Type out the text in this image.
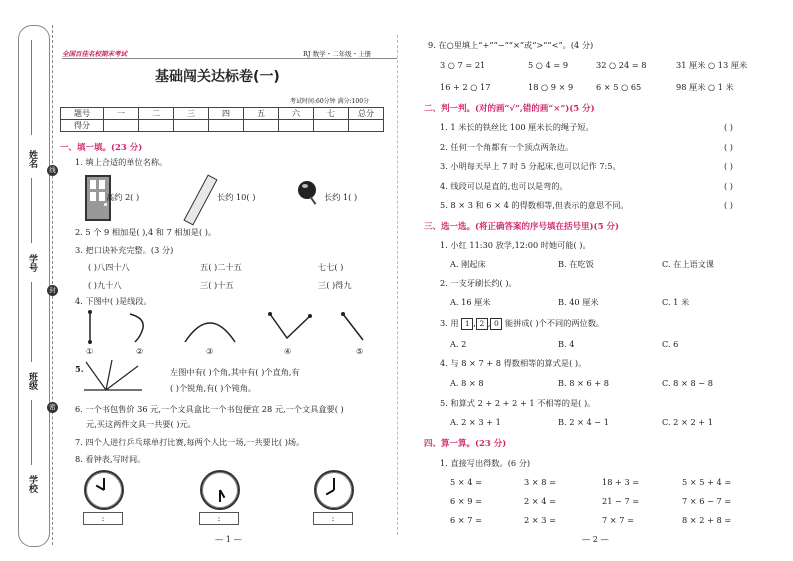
姓名
学号
班级
学校
线
封
密
全国百佳名校期末考试	RJ 数学・二年级・上册
基础闯关达标卷(一)
考试时间:60分钟 满分:100分
题号	一	二	三	四	五	六	七	总分
得分								
一、填一填。(23 分)
1. 填上合适的单位名称。
高约 2( )	长约 10( )	长约 1( )
2. 5 个 9 相加是( ),4 和 7 相加是( )。
3. 把口诀补充完整。(3 分)
( )八四十八	五( )二十五	七七( )
( )九十八	三( )十五	三( )得九
4. 下图中( )是线段。
①	②	③	④	⑤
5.	左图中有( )个角,其中有( )个直角,有
( )个锐角,有( )个钝角。
6. 一个书包售价 36 元,一个文具盒比一个书包便宜 28 元,一个文具盒要( )
元,买这两件文具一共要( )元。
7. 四个人进行乒乓球单打比赛,每两个人比一场,一共要比( )场。
8. 看钟表,写时间。
:	:	:
— 1 —
9. 在○里填上“+”“−”“×”或“>”“<”。(4 分)
3 ○ 7 = 21	5 ○ 4 = 9	32 ○ 24 = 8	31 厘米 ○ 13 厘米
16 + 2 ○ 17	18 ○ 9 × 9	6 × 5 ○ 65	98 厘米 ○ 1 米
二、判一判。(对的画“√”,错的画“×”)(5 分)
1. 1 米长的铁丝比 100 厘米长的绳子短。	( )
2. 任何一个角都有一个顶点两条边。	( )
3. 小明每天早上 7 时 5 分起床,也可以记作 7:5。	( )
4. 线段可以是直的,也可以是弯的。	( )
5. 8 × 3 和 6 × 4 的得数相等,但表示的意思不同。	( )
三、选一选。(将正确答案的序号填在括号里)(5 分)
1. 小红 11:30 放学,12:00 时她可能( )。
A. 刚起床	B. 在吃饭	C. 在上语文课
2. 一支牙刷长约( )。
A. 16 厘米	B. 40 厘米	C. 1 米
3. 用 1 , 2 , 0 能拼成( )个不同的两位数。
A. 2	B. 4	C. 6
4. 与 8 × 7 + 8 得数相等的算式是( )。
A. 8 × 8	B. 8 × 6 + 8	C. 8 × 8 − 8
5. 和算式 2 + 2 + 2 + 1 不相等的是( )。
A. 2 × 3 + 1	B. 2 × 4 − 1	C. 2 × 2 + 1
四、算一算。(23 分)
1. 直接写出得数。(6 分)
5 × 4 =	3 × 8 =	18 + 3 =	5 × 5 + 4 =
6 × 9 =	2 × 4 =	21 − 7 =	7 × 6 − 7 =
6 × 7 =	2 × 3 =	7 × 7 =	8 × 2 + 8 =
— 2 —
